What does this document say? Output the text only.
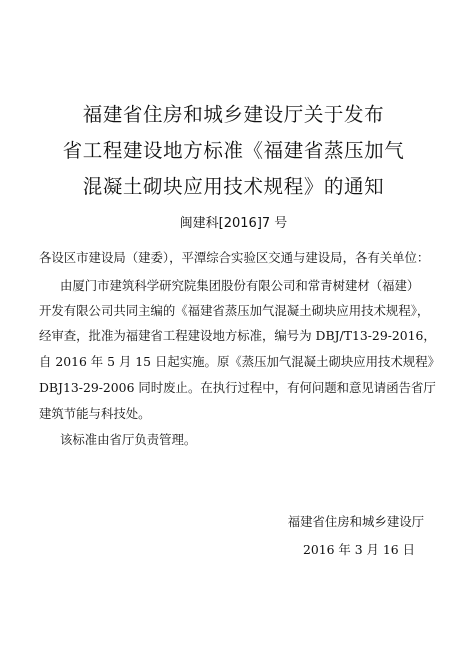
福建省住房和城乡建设厅关于发布
省工程建设地方标准《福建省蒸压加气
混凝土砌块应用技术规程》的通知
闽建科[2016]7 号
各设区市建设局（建委），平潭综合实验区交通与建设局，各有关单位：
由厦门市建筑科学研究院集团股份有限公司和常青树建材（福建）
开发有限公司共同主编的《福建省蒸压加气混凝土砌块应用技术规程》，
经审查，批准为福建省工程建设地方标准，编号为 DBJ/T13-29-2016，
自 2016 年 5 月 15 日起实施。原《蒸压加气混凝土砌块应用技术规程》
DBJ13-29-2006 同时废止。在执行过程中，有何问题和意见请函告省厅
建筑节能与科技处。
该标准由省厅负责管理。
福建省住房和城乡建设厅
2016 年 3 月 16 日
